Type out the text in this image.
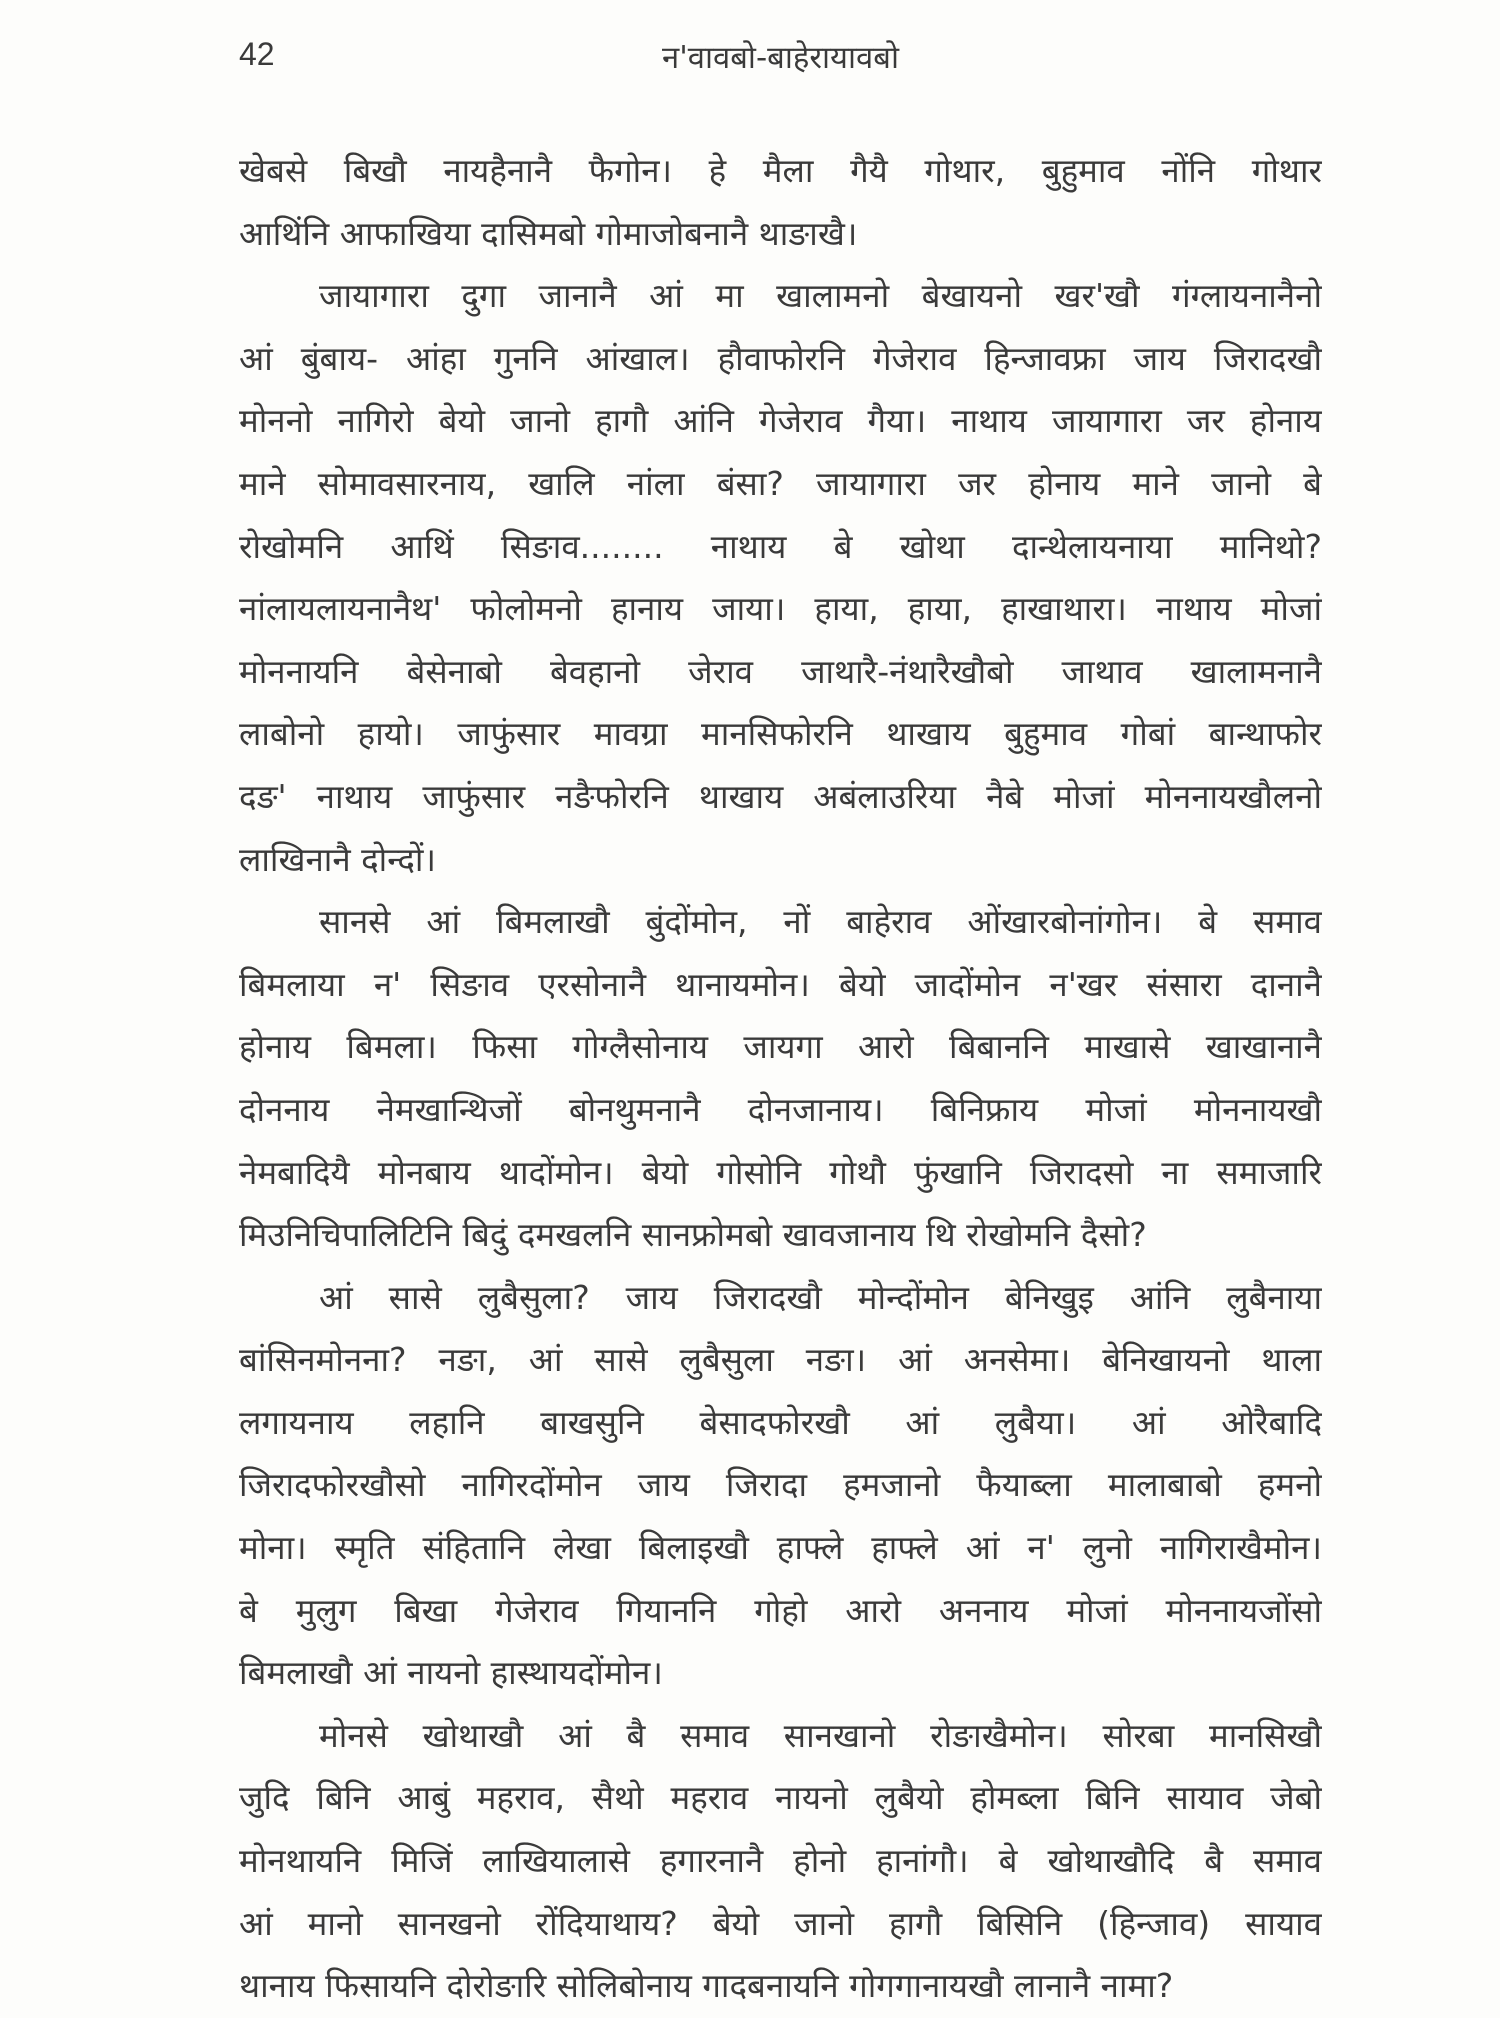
42	न'वावबो-बाहेरायावबो
खेबसे बिखौ नायहैनानै फैगोन। हे मैला गैयै गोथार, बुहुमाव नोंनि गोथार
आथिंनि आफाखिया दासिमबो गोमाजोबनानै थाङाखै।
जायागारा दुगा जानानै आं मा खालामनो बेखायनो खर'खौ गंग्लायनानैनो
आं बुंबाय- आंहा गुननि आंखाल। हौवाफोरनि गेजेराव हिन्जावफ्रा जाय जिरादखौ
मोननो नागिरो बेयो जानो हागौ आंनि गेजेराव गैया। नाथाय जायागारा जर होनाय
माने सोमावसारनाय, खालि नांला बंसा? जायागारा जर होनाय माने जानो बे
रोखोमनि आथिं सिङाव........ नाथाय बे खोथा दान्थेलायनाया मानिथो?
नांलायलायनानैथ' फोलोमनो हानाय जाया। हाया, हाया, हाखाथारा। नाथाय मोजां
मोननायनि बेसेनाबो बेवहानो जेराव जाथारै-नंथारैखौबो जाथाव खालामनानै
लाबोनो हायो। जाफुंसार मावग्रा मानसिफोरनि थाखाय बुहुमाव गोबां बान्थाफोर
दङ' नाथाय जाफुंसार नङैफोरनि थाखाय अबंलाउरिया नैबे मोजां मोननायखौलनो
लाखिनानै दोन्दों।
सानसे आं बिमलाखौ बुंदोंमोन, नों बाहेराव ओंखारबोनांगोन। बे समाव
बिमलाया न' सिङाव एरसोनानै थानायमोन। बेयो जादोंमोन न'खर संसारा दानानै
होनाय बिमला। फिसा गोग्लैसोनाय जायगा आरो बिबाननि माखासे खाखानानै
दोननाय नेमखान्थिजों बोनथुमनानै दोनजानाय। बिनिफ्राय मोजां मोननायखौ
नेमबादियै मोनबाय थादोंमोन। बेयो गोसोनि गोथौ फुंखानि जिरादसो ना समाजारि
मिउनिचिपालिटिनि बिदुं दमखलनि सानफ्रोमबो खावजानाय थि रोखोमनि दैसो?
आं सासे लुबैसुला? जाय जिरादखौ मोन्दोंमोन बेनिखुइ आंनि लुबैनाया
बांसिनमोनना? नङा, आं सासे लुबैसुला नङा। आं अनसेमा। बेनिखायनो थाला
लगायनाय लहानि बाखसुनि बेसादफोरखौ आं लुबैया। आं ओरैबादि
जिरादफोरखौसो नागिरदोंमोन जाय जिरादा हमजानो फैयाब्ला मालाबाबो हमनो
मोना। स्मृति संहितानि लेखा बिलाइखौ हाफ्ले हाफ्ले आं न' लुनो नागिराखैमोन।
बे मुलुग बिखा गेजेराव गियाननि गोहो आरो अननाय मोजां मोननायजोंसो
बिमलाखौ आं नायनो हास्थायदोंमोन।
मोनसे खोथाखौ आं बै समाव सानखानो रोङाखैमोन। सोरबा मानसिखौ
जुदि बिनि आबुं महराव, सैथो महराव नायनो लुबैयो होमब्ला बिनि सायाव जेबो
मोनथायनि मिजिं लाखियालासे हगारनानै होनो हानांगौ। बे खोथाखौदि बै समाव
आं मानो सानखनो रोंदियाथाय? बेयो जानो हागौ बिसिनि (हिन्जाव) सायाव
थानाय फिसायनि दोरोङारि सोलिबोनाय गादबनायनि गोगगानायखौ लानानै नामा?
